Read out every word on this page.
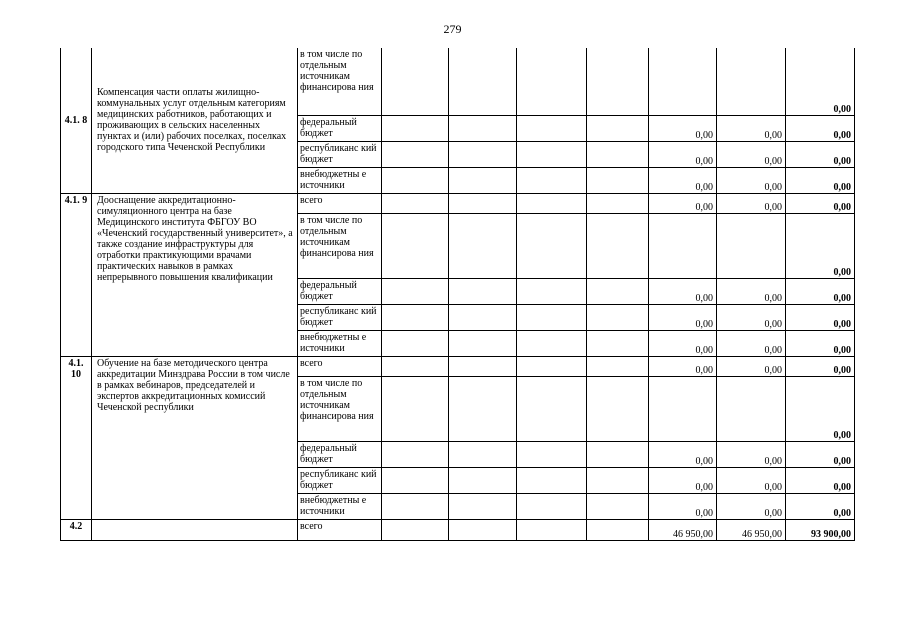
279
4.1. 8	Компенсация части оплаты жилищно-коммунальных услуг отдельным категориям медицинских работников, работающих и проживающих в сельских населенных пунктах и (или) рабочих поселках, поселках городского типа Чеченской Республики	в том числе по отдельным источникам финансирова ния							0,00
		федеральный бюджет					0,00	0,00	0,00
		республиканс кий бюджет					0,00	0,00	0,00
		внебюджетны е источники					0,00	0,00	0,00
4.1. 9	Дооснащение аккредитационно-симуляционного центра на базе Медицинского института ФБГОУ ВО «Чеченский государственный университет», а также создание инфраструктуры для отработки практикующими врачами практических навыков в рамках непрерывного повышения квалификации	всего					0,00	0,00	0,00
		в том числе по отдельным источникам финансирова ния							0,00
		федеральный бюджет					0,00	0,00	0,00
		республиканс кий бюджет					0,00	0,00	0,00
		внебюджетны е источники					0,00	0,00	0,00
4.1. 10	Обучение на базе методического центра аккредитации Минздрава России в том числе в рамках вебинаров, председателей и экспертов аккредитационных комиссий Чеченской республики	всего					0,00	0,00	0,00
		в том числе по отдельным источникам финансирова ния							0,00
		федеральный бюджет					0,00	0,00	0,00
		республиканс кий бюджет					0,00	0,00	0,00
		внебюджетны е источники					0,00	0,00	0,00
4.2		всего					46 950,00	46 950,00	93 900,00
